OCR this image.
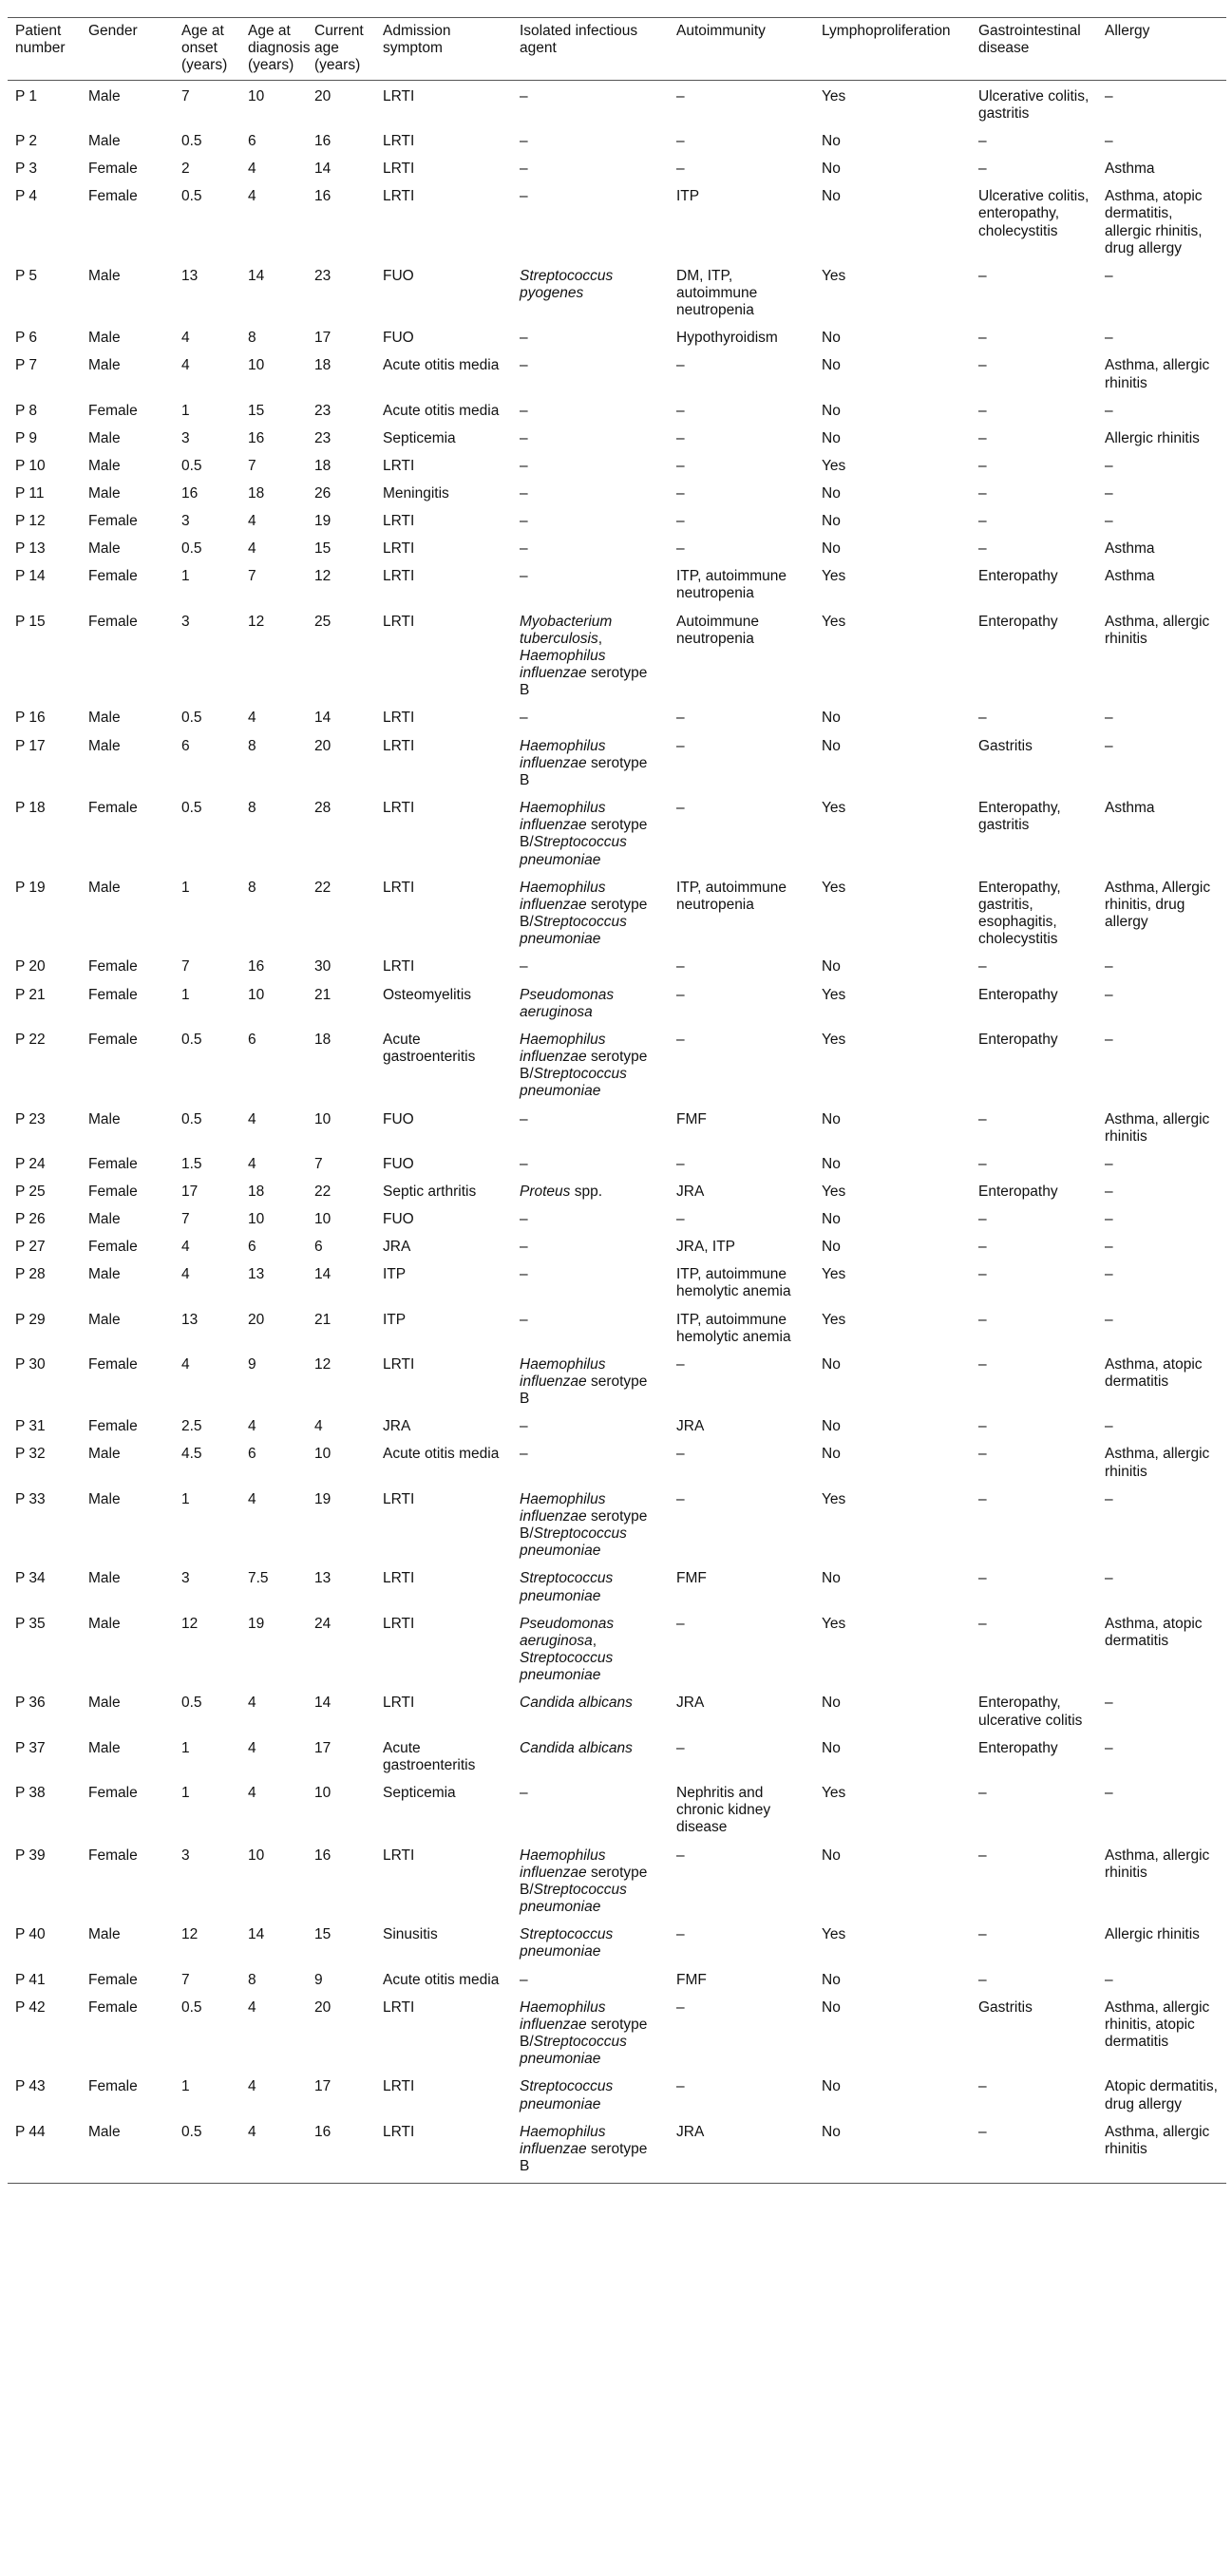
Patient number	Gender	Age at onset (years)	Age at diagnosis (years)	Current age (years)	Admission symptom	Isolated infectious agent	Autoimmunity	Lymphoproliferation	Gastrointestinal disease	Allergy
P 1	Male	7	10	20	LRTI	–	–	Yes	Ulcerative colitis, gastritis	–
P 2	Male	0.5	6	16	LRTI	–	–	No	–	–
P 3	Female	2	4	14	LRTI	–	–	No	–	Asthma
P 4	Female	0.5	4	16	LRTI	–	ITP	No	Ulcerative colitis, enteropathy, cholecystitis	Asthma, atopic dermatitis, allergic rhinitis, drug allergy
P 5	Male	13	14	23	FUO	Streptococcus pyogenes	DM, ITP, autoimmune neutropenia	Yes	–	–
P 6	Male	4	8	17	FUO	–	Hypothyroidism	No	–	–
P 7	Male	4	10	18	Acute otitis media	–	–	No	–	Asthma, allergic rhinitis
P 8	Female	1	15	23	Acute otitis media	–	–	No	–	–
P 9	Male	3	16	23	Septicemia	–	–	No	–	Allergic rhinitis
P 10	Male	0.5	7	18	LRTI	–	–	Yes	–	–
P 11	Male	16	18	26	Meningitis	–	–	No	–	–
P 12	Female	3	4	19	LRTI	–	–	No	–	–
P 13	Male	0.5	4	15	LRTI	–	–	No	–	Asthma
P 14	Female	1	7	12	LRTI	–	ITP, autoimmune neutropenia	Yes	Enteropathy	Asthma
P 15	Female	3	12	25	LRTI	Myobacterium tuberculosis, Haemophilus influenzae serotype B	Autoimmune neutropenia	Yes	Enteropathy	Asthma, allergic rhinitis
P 16	Male	0.5	4	14	LRTI	–	–	No	–	–
P 17	Male	6	8	20	LRTI	Haemophilus influenzae serotype B	–	No	Gastritis	–
P 18	Female	0.5	8	28	LRTI	Haemophilus influenzae serotype B/Streptococcus pneumoniae	–	Yes	Enteropathy, gastritis	Asthma
P 19	Male	1	8	22	LRTI	Haemophilus influenzae serotype B/Streptococcus pneumoniae	ITP, autoimmune neutropenia	Yes	Enteropathy, gastritis, esophagitis, cholecystitis	Asthma, Allergic rhinitis, drug allergy
P 20	Female	7	16	30	LRTI	–	–	No	–	–
P 21	Female	1	10	21	Osteomyelitis	Pseudomonas aeruginosa	–	Yes	Enteropathy	–
P 22	Female	0.5	6	18	Acute gastroenteritis	Haemophilus influenzae serotype B/Streptococcus pneumoniae	–	Yes	Enteropathy	–
P 23	Male	0.5	4	10	FUO	–	FMF	No	–	Asthma, allergic rhinitis
P 24	Female	1.5	4	7	FUO	–	–	No	–	–
P 25	Female	17	18	22	Septic arthritis	Proteus spp.	JRA	Yes	Enteropathy	–
P 26	Male	7	10	10	FUO	–	–	No	–	–
P 27	Female	4	6	6	JRA	–	JRA, ITP	No	–	–
P 28	Male	4	13	14	ITP	–	ITP, autoimmune hemolytic anemia	Yes	–	–
P 29	Male	13	20	21	ITP	–	ITP, autoimmune hemolytic anemia	Yes	–	–
P 30	Female	4	9	12	LRTI	Haemophilus influenzae serotype B	–	No	–	Asthma, atopic dermatitis
P 31	Female	2.5	4	4	JRA	–	JRA	No	–	–
P 32	Male	4.5	6	10	Acute otitis media	–	–	No	–	Asthma, allergic rhinitis
P 33	Male	1	4	19	LRTI	Haemophilus influenzae serotype B/Streptococcus pneumoniae	–	Yes	–	–
P 34	Male	3	7.5	13	LRTI	Streptococcus pneumoniae	FMF	No	–	–
P 35	Male	12	19	24	LRTI	Pseudomonas aeruginosa, Streptococcus pneumoniae	–	Yes	–	Asthma, atopic dermatitis
P 36	Male	0.5	4	14	LRTI	Candida albicans	JRA	No	Enteropathy, ulcerative colitis	–
P 37	Male	1	4	17	Acute gastroenteritis	Candida albicans	–	No	Enteropathy	–
P 38	Female	1	4	10	Septicemia	–	Nephritis and chronic kidney disease	Yes	–	–
P 39	Female	3	10	16	LRTI	Haemophilus influenzae serotype B/Streptococcus pneumoniae	–	No	–	Asthma, allergic rhinitis
P 40	Male	12	14	15	Sinusitis	Streptococcus pneumoniae	–	Yes	–	Allergic rhinitis
P 41	Female	7	8	9	Acute otitis media	–	FMF	No	–	–
P 42	Female	0.5	4	20	LRTI	Haemophilus influenzae serotype B/Streptococcus pneumoniae	–	No	Gastritis	Asthma, allergic rhinitis, atopic dermatitis
P 43	Female	1	4	17	LRTI	Streptococcus pneumoniae	–	No	–	Atopic dermatitis, drug allergy
P 44	Male	0.5	4	16	LRTI	Haemophilus influenzae serotype B	JRA	No	–	Asthma, allergic rhinitis
